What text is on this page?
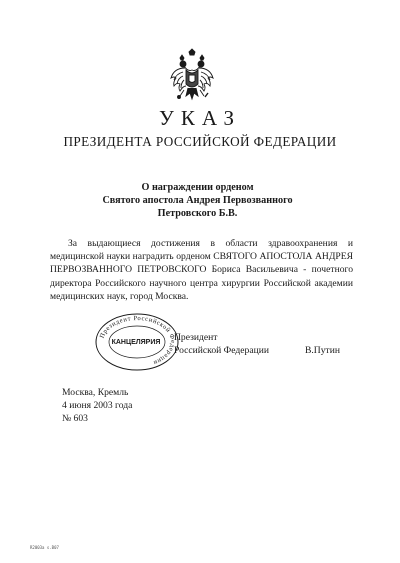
УКАЗ
ПРЕЗИДЕНТА РОССИЙСКОЙ ФЕДЕРАЦИИ
О награждении орденом
Святого апостола Андрея Первозванного
Петровского Б.В.
За выдающиеся достижения в области здравоохранения и медицинской науки наградить орденом СВЯТОГО АПОСТОЛА АНДРЕЯ ПЕРВОЗВАННОГО ПЕТРОВСКОГО Бориса Васильевича - почетного директора Российского научного центра хирургии Российской академии медицинских наук, город Москва.
Президент Российской Федерации
КАНЦЕЛЯРИЯ Президент
Российской Федерации	В.Путин
Москва, Кремль
4 июня 2003 года
№ 603
R2003a s.B07
